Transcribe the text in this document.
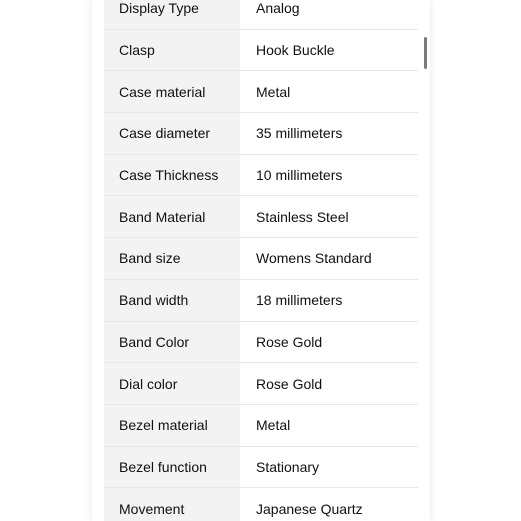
Display Type	Analog
Clasp	Hook Buckle
Case material	Metal
Case diameter	35 millimeters
Case Thickness	10 millimeters
Band Material	Stainless Steel
Band size	Womens Standard
Band width	18 millimeters
Band Color	Rose Gold
Dial color	Rose Gold
Bezel material	Metal
Bezel function	Stationary
Movement	Japanese Quartz
